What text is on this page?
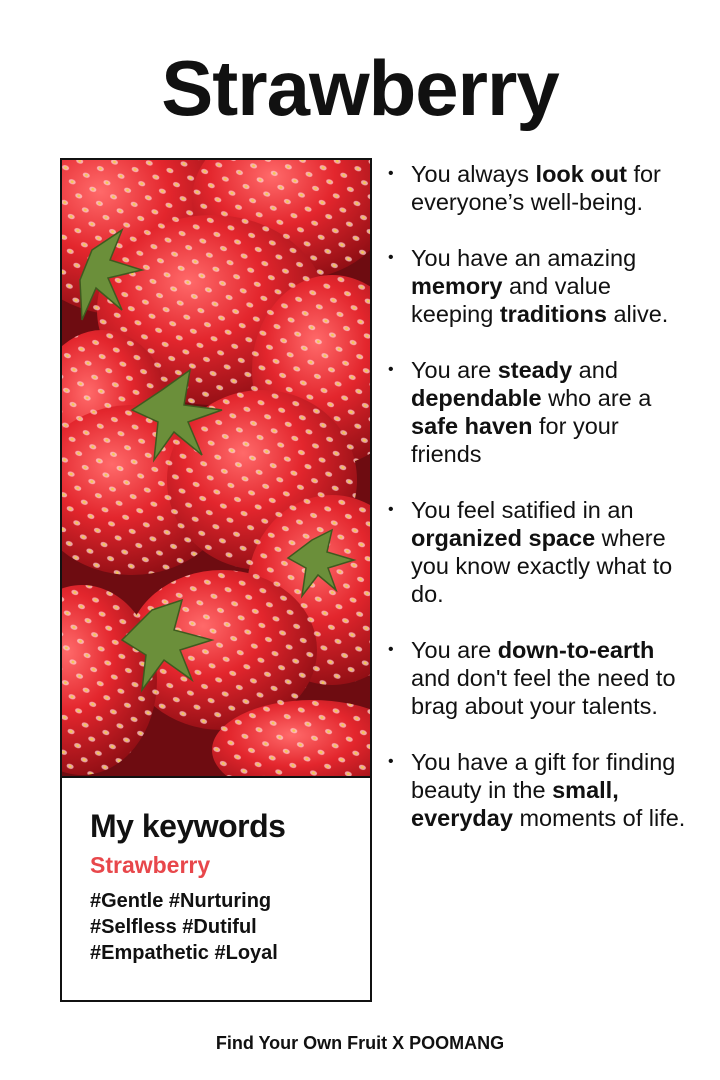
Strawberry
My keywords

Strawberry

#Gentle #Nurturing
#Selfless #Dutiful
#Empathetic #Loyal

• You always look out for everyone’s well-being.
• You have an amazing memory and value keeping traditions alive.
• You are steady and dependable who are a safe haven for your friends
• You feel satified in an organized space where you know exactly what to do.
• You are down-to-earth and don't feel the need to brag about your talents.
• You have a gift for finding beauty in the small, everyday moments of life.

Find Your Own Fruit X POOMANG
